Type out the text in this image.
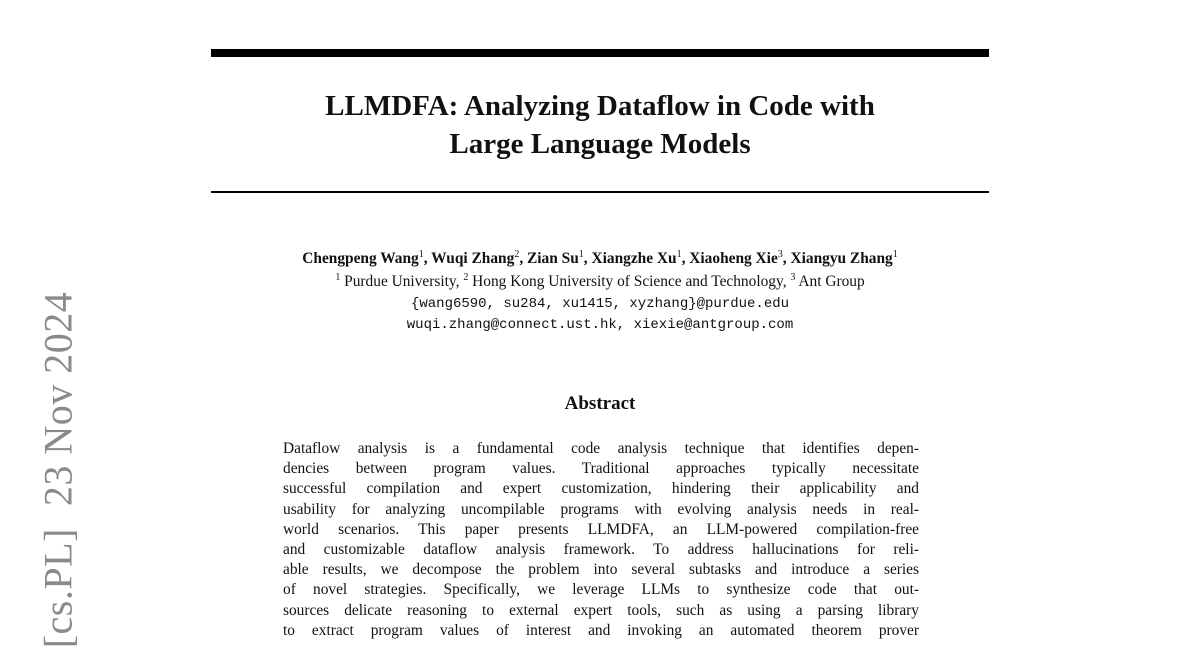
[cs.PL]23 Nov 2024
LLMDFA: Analyzing Dataflow in Code with
Large Language Models
Chengpeng Wang$^1$, Wuqi Zhang$^2$, Zian Su$^1$, Xiangzhe Xu$^1$, Xiaoheng Xie$^3$, Xiangyu Zhang$^1$
$^1$ Purdue University, $^2$ Hong Kong University of Science and Technology, $^3$ Ant Group
{wang6590, su284, xu1415, xyzhang}@purdue.edu
wuqi.zhang@connect.ust.hk, xiexie@antgroup.com
Abstract
Dataflow analysis is a fundamental code analysis technique that identifies depen-
dencies between program values. Traditional approaches typically necessitate
successful compilation and expert customization, hindering their applicability and
usability for analyzing uncompilable programs with evolving analysis needs in real-
world scenarios. This paper presents LLMDFA, an LLM-powered compilation-free
and customizable dataflow analysis framework. To address hallucinations for reli-
able results, we decompose the problem into several subtasks and introduce a series
of novel strategies. Specifically, we leverage LLMs to synthesize code that out-
sources delicate reasoning to external expert tools, such as using a parsing library
to extract program values of interest and invoking an automated theorem prover
